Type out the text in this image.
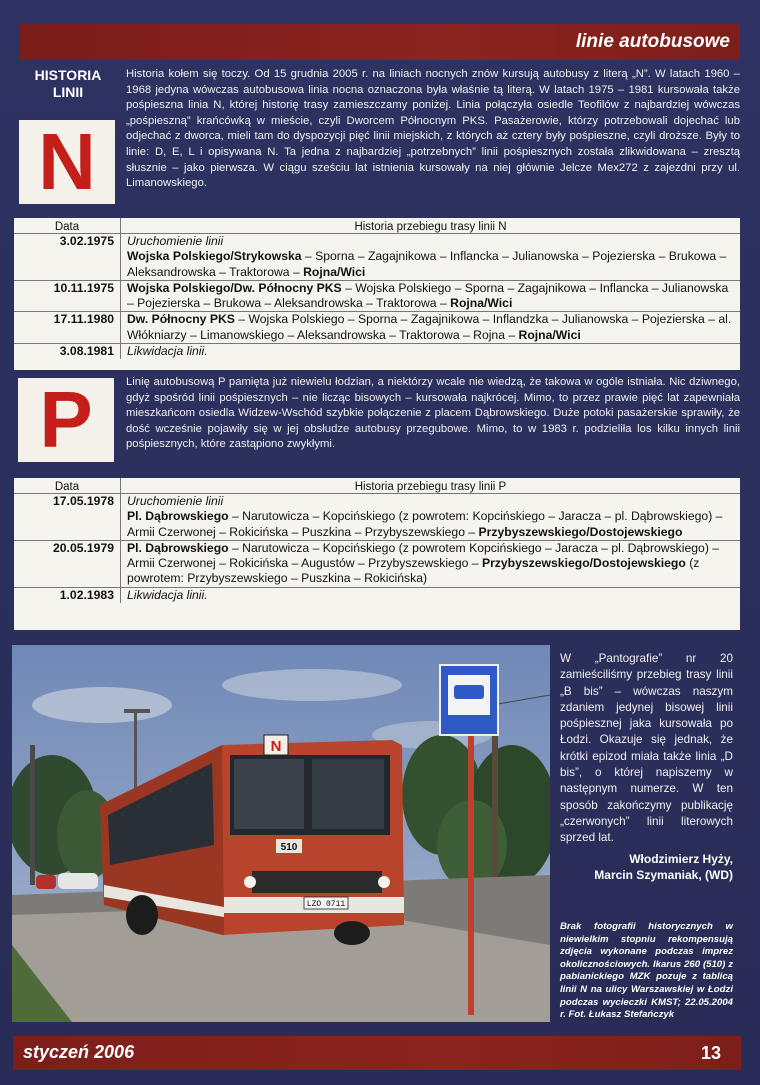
linie autobusowe
HISTORIA
LINII
N
Historia kołem się toczy. Od 15 grudnia 2005 r. na liniach nocnych znów kursują autobusy z literą „N”. W latach 1960 – 1968 jedyna wówczas autobusowa linia nocna oznaczona była właśnie tą literą. W latach 1975 – 1981 kursowała także pośpieszna linia N, której historię trasy zamieszczamy poniżej. Linia połączyła osiedle Teofilów z najbardziej wówczas „pośpieszną” krańcówką w mieście, czyli Dworcem Północnym PKS. Pasażerowie, którzy potrzebowali dojechać lub odjechać z dworca, mieli tam do dyspozycji pięć linii miejskich, z których aż cztery były pośpieszne, czyli droższe. Były to linie: D, E, L i opisywana N. Ta jedna z najbardziej „potrzebnych” linii pośpiesznych została zlikwidowana – zresztą słusznie – jako pierwsza. W ciągu sześciu lat istnienia kursowały na niej głównie Jelcze Mex272 z zajezdni przy ul. Limanowskiego.
Data	Historia przebiegu trasy linii N
3.02.1975	Uruchomienie linii
Wojska Polskiego/Strykowska – Sporna – Zagajnikowa – Inflancka – Julianowska – Pojezierska – Brukowa – Aleksandrowska – Traktorowa – Rojna/Wici
10.11.1975	Wojska Polskiego/Dw. Północny PKS – Wojska Polskiego – Sporna – Zagajnikowa – Inflancka – Julianowska – Pojezierska – Brukowa – Aleksandrowska – Traktorowa – Rojna/Wici
17.11.1980	Dw. Północny PKS – Wojska Polskiego – Sporna – Zagajnikowa – Inflandzka – Julianowska – Pojezierska – al. Włókniarzy – Limanowskiego – Aleksandrowska – Traktorowa – Rojna – Rojna/Wici
3.08.1981	Likwidacja linii.
P	Linię autobusową P pamięta już niewielu łodzian, a niektórzy wcale nie wiedzą, że takowa w ogóle istniała. Nic dziwnego, gdyż spośród linii pośpiesznych – nie licząc bisowych – kursowała najkrócej. Mimo, to przez prawie pięć lat zapewniała mieszkańcom osiedla Widzew-Wschód szybkie połączenie z placem Dąbrowskiego. Duże potoki pasażerskie sprawiły, że dość wcześnie pojawiły się w jej obsłudze autobusy przegubowe. Mimo, to w 1983 r. podzieliła los kilku innych linii pośpiesznych, które zastąpiono zwykłymi.
Data	Historia przebiegu trasy linii P
17.05.1978	Uruchomienie linii
Pl. Dąbrowskiego – Narutowicza – Kopcińskiego (z powrotem: Kopcińskiego – Jaracza – pl. Dąbrowskiego) – Armii Czerwonej – Rokicińska – Puszkina – Przybyszewskiego – Przybyszewskiego/Dostojewskiego
20.05.1979	Pl. Dąbrowskiego – Narutowicza – Kopcińskiego (z powrotem Kopcińskiego – Jaracza – pl. Dąbrowskiego) – Armii Czerwonej – Rokicińska – Augustów – Przybyszewskiego – Przybyszewskiego/Dostojewskiego (z powrotem: Przybyszewskiego – Puszkina – Rokicińska)
1.02.1983	Likwidacja linii.
N
510
LZO 0711
W „Pantografie” nr 20 zamieściliśmy przebieg trasy linii „B bis” – wówczas naszym zdaniem jedynej bisowej linii pośpiesznej jaka kursowała po Łodzi. Okazuje się jednak, że krótki epizod miała także linia „D bis”, o której napiszemy w następnym numerze. W ten sposób zakończymy publikację „czerwonych” linii literowych sprzed lat.
Włodzimierz Hyży,
Marcin Szymaniak, (WD)
Brak fotografii historycznych w niewielkim stopniu rekompensują zdjęcia wykonane podczas imprez okolicznościowych. Ikarus 260 (510) z pabianickiego MZK pozuje z tablicą linii N na ulicy Warszawskiej w Łodzi podczas wycieczki KMST; 22.05.2004 r. Fot. Łukasz Stefańczyk
styczeń 2006	13
